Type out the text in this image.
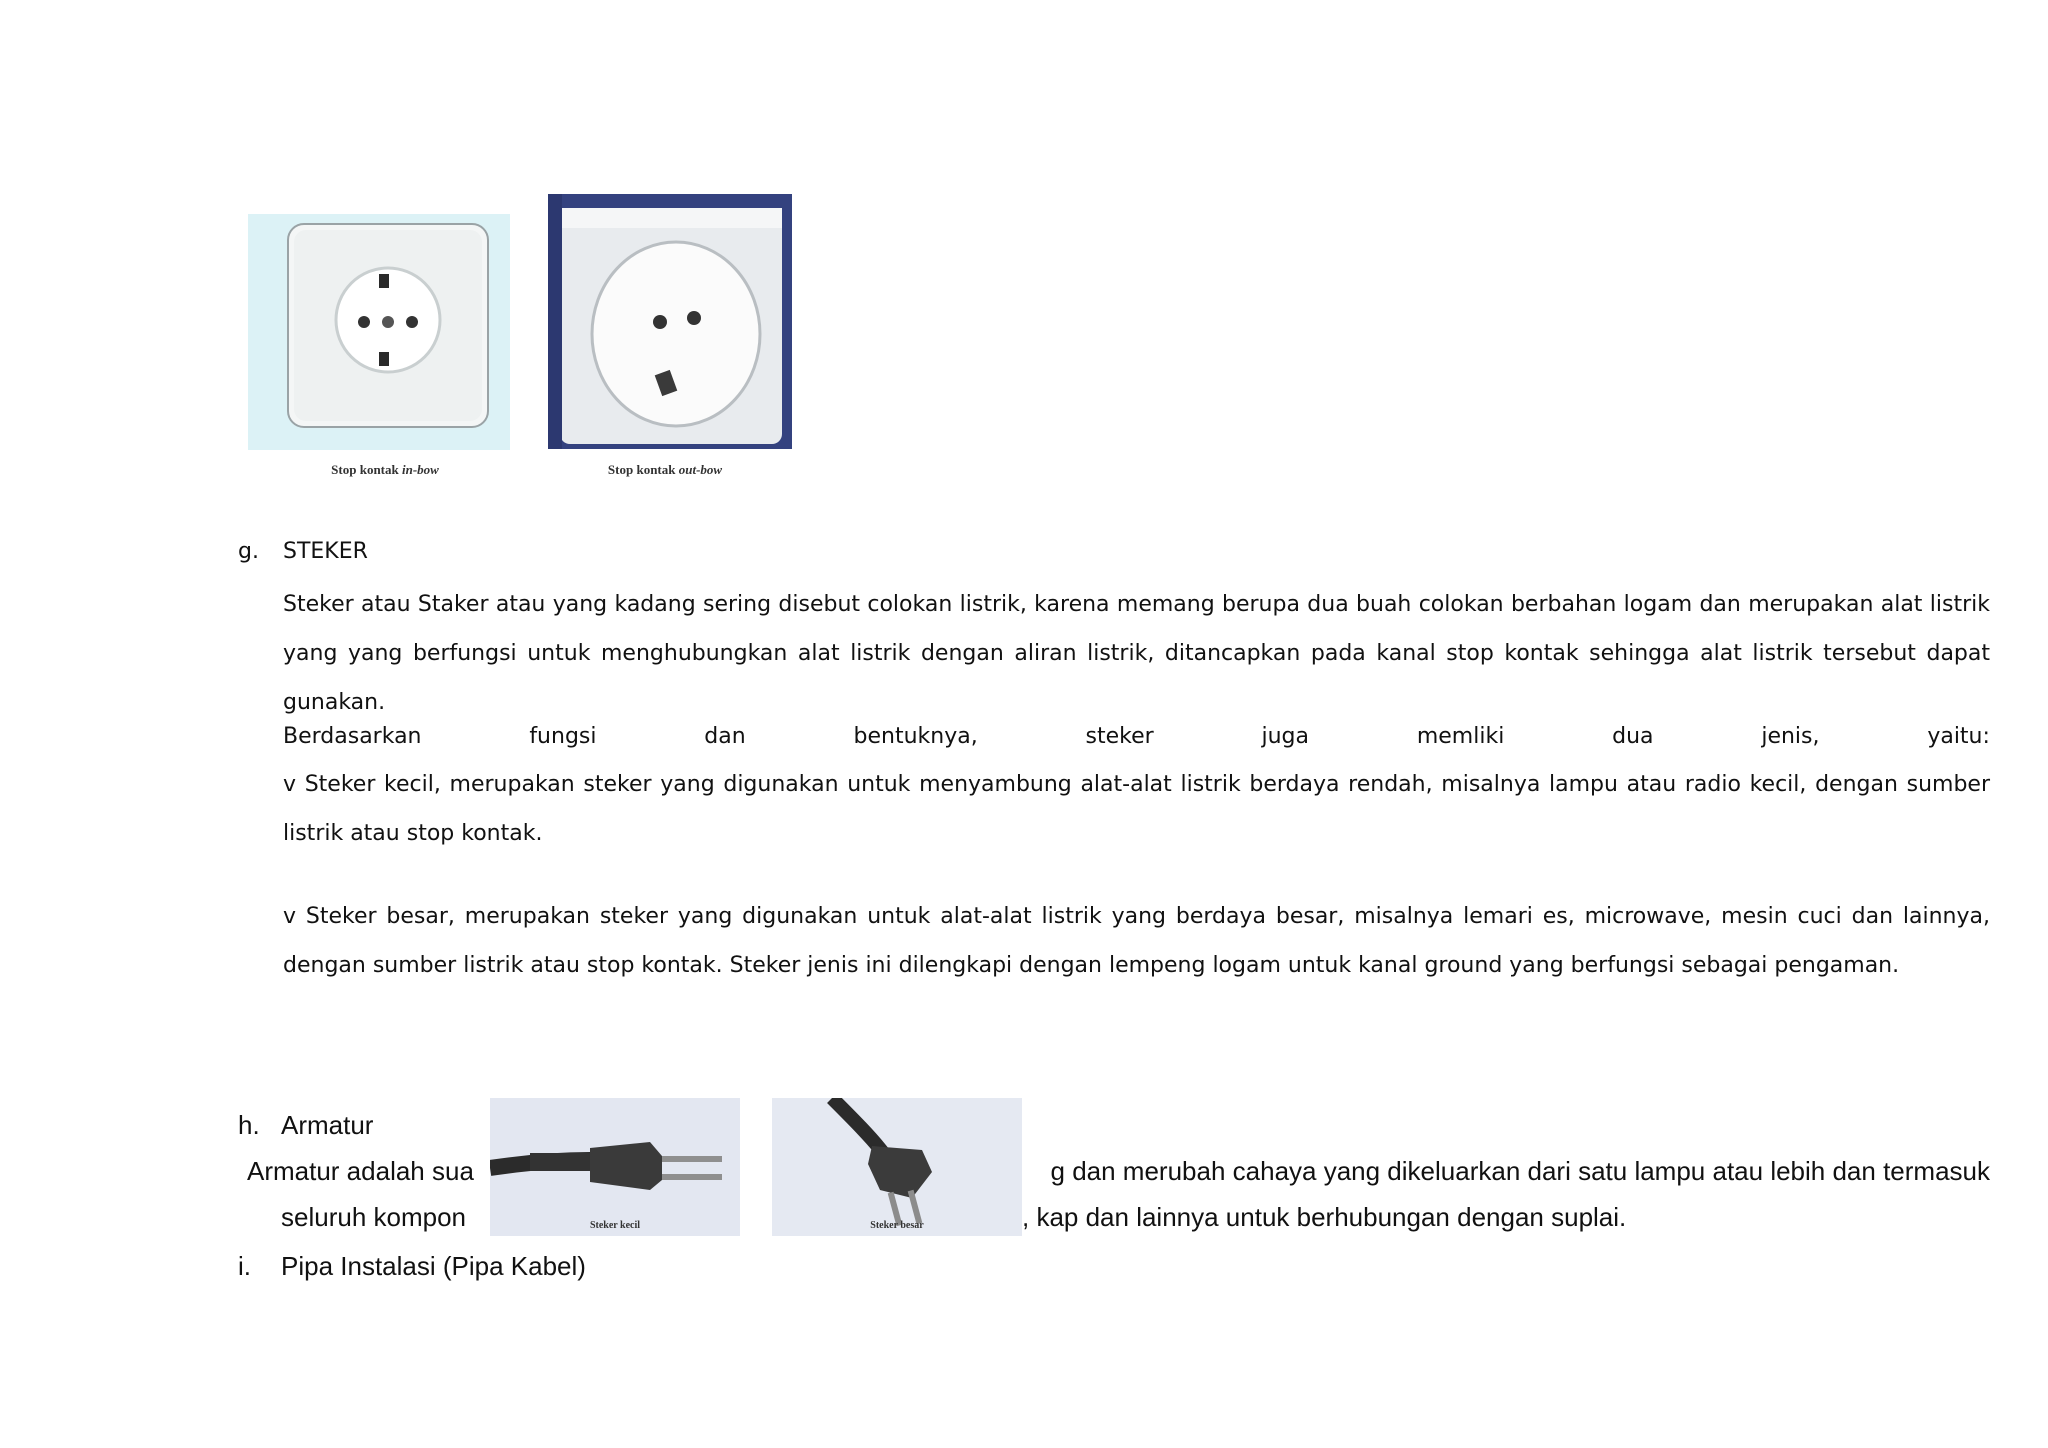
Stop kontak in-bow	Stop kontak out-bow
g. STEKER
Steker atau Staker atau yang kadang sering disebut colokan listrik, karena memang berupa dua buah colokan berbahan logam dan merupakan alat listrik yang yang berfungsi untuk menghubungkan alat listrik dengan aliran listrik, ditancapkan pada kanal stop kontak sehingga alat listrik tersebut dapat gunakan.
Berdasarkan	fungsi	dan	bentuknya,	steker	juga	memliki	dua	jenis,	yaitu:
v Steker kecil, merupakan steker yang digunakan untuk menyambung alat-alat listrik berdaya rendah, misalnya lampu atau radio kecil, dengan sumber listrik atau stop kontak.
v Steker besar, merupakan steker yang digunakan untuk alat-alat listrik yang berdaya besar, misalnya lemari es, microwave, mesin cuci dan lainnya, dengan sumber listrik atau stop kontak. Steker jenis ini dilengkapi dengan lempeng logam untuk kanal ground yang berfungsi sebagai pengaman.
h. Armatur
Armatur adalah sua	g dan merubah cahaya yang dikeluarkan dari satu lampu atau lebih dan termasuk
seluruh kompon	, kap dan lainnya untuk berhubungan dengan suplai.
i. Pipa Instalasi (Pipa Kabel)
Steker kecil	Steker besar
